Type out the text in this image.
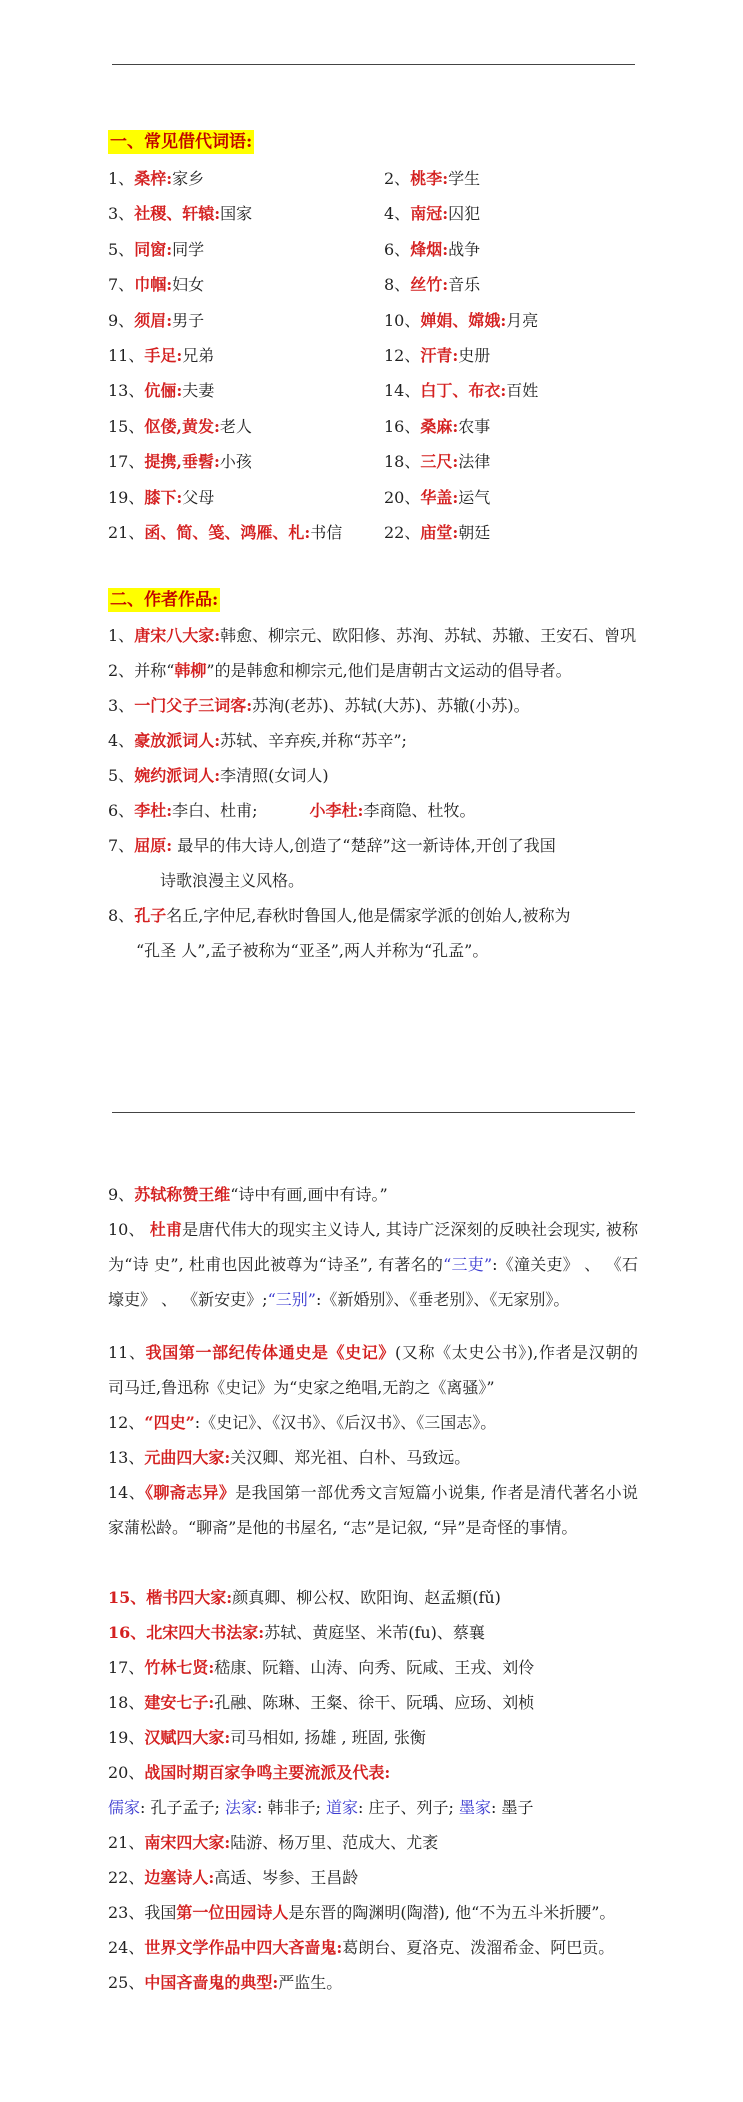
一、常见借代词语:
1、桑梓:家乡	2、桃李:学生
3、社稷、轩辕:国家	4、南冠:囚犯
5、同窗:同学	6、烽烟:战争
7、巾帼:妇女	8、丝竹:音乐
9、须眉:男子	10、婵娟、嫦娥:月亮
11、手足:兄弟	12、汗青:史册
13、伉俪:夫妻	14、白丁、布衣:百姓
15、伛偻,黄发:老人	16、桑麻:农事
17、提携,垂髫:小孩	18、三尺:法律
19、膝下:父母	20、华盖:运气
21、函、简、笺、鸿雁、札:书信	22、庙堂:朝廷
二、作者作品:
1、唐宋八大家:韩愈、柳宗元、欧阳修、苏洵、苏轼、苏辙、王安石、曾巩
2、并称“韩柳”的是韩愈和柳宗元,他们是唐朝古文运动的倡导者。
3、一门父子三词客:苏洵(老苏)、苏轼(大苏)、苏辙(小苏)。
4、豪放派词人:苏轼、辛弃疾,并称“苏辛”;
5、婉约派词人:李清照(女词人)
6、李杜:李白、杜甫;	小李杜:李商隐、杜牧。
7、屈原: 最早的伟大诗人,创造了“楚辞”这一新诗体,开创了我国
诗歌浪漫主义风格。
8、孔子名丘,字仲尼,春秋时鲁国人,他是儒家学派的创始人,被称为
“孔圣 人”,孟子被称为“亚圣”,两人并称为“孔孟”。
9、苏轼称赞王维“诗中有画,画中有诗。”
10、 杜甫是唐代伟大的现实主义诗人, 其诗广泛深刻的反映社会现实, 被称为“诗 史”, 杜甫也因此被尊为“诗圣”, 有著名的“三吏”:《潼关吏》 、 《石壕吏》 、 《新安吏》;“三别”:《新婚别》、《垂老别》、《无家别》。
11、我国第一部纪传体通史是《史记》(又称《太史公书》),作者是汉朝的 司马迁,鲁迅称《史记》为“史家之绝唱,无韵之《离骚》”
12、“四史”:《史记》、《汉书》、《后汉书》、《三国志》。
13、元曲四大家:关汉卿、郑光祖、白朴、马致远。
14、《聊斋志异》是我国第一部优秀文言短篇小说集, 作者是清代著名小说家蒲松龄。“聊斋”是他的书屋名, “志”是记叙, “异”是奇怪的事情。
15、楷书四大家:颜真卿、柳公权、欧阳询、赵孟頫(fǔ)
16、北宋四大书法家:苏轼、黄庭坚、米芾(fu)、蔡襄
17、竹林七贤:嵇康、阮籍、山涛、向秀、阮咸、王戎、刘伶
18、建安七子:孔融、陈琳、王粲、徐干、阮瑀、应玚、刘桢
19、汉赋四大家:司马相如, 扬雄 , 班固, 张衡
20、战国时期百家争鸣主要流派及代表:
儒家: 孔子孟子; 法家: 韩非子; 道家: 庄子、列子; 墨家: 墨子
21、南宋四大家:陆游、杨万里、范成大、尤袤
22、边塞诗人:高适、岑参、王昌龄
23、我国第一位田园诗人是东晋的陶渊明(陶潜), 他“不为五斗米折腰”。
24、世界文学作品中四大吝啬鬼:葛朗台、夏洛克、泼溜希金、阿巴贡。
25、中国吝啬鬼的典型:严监生。
